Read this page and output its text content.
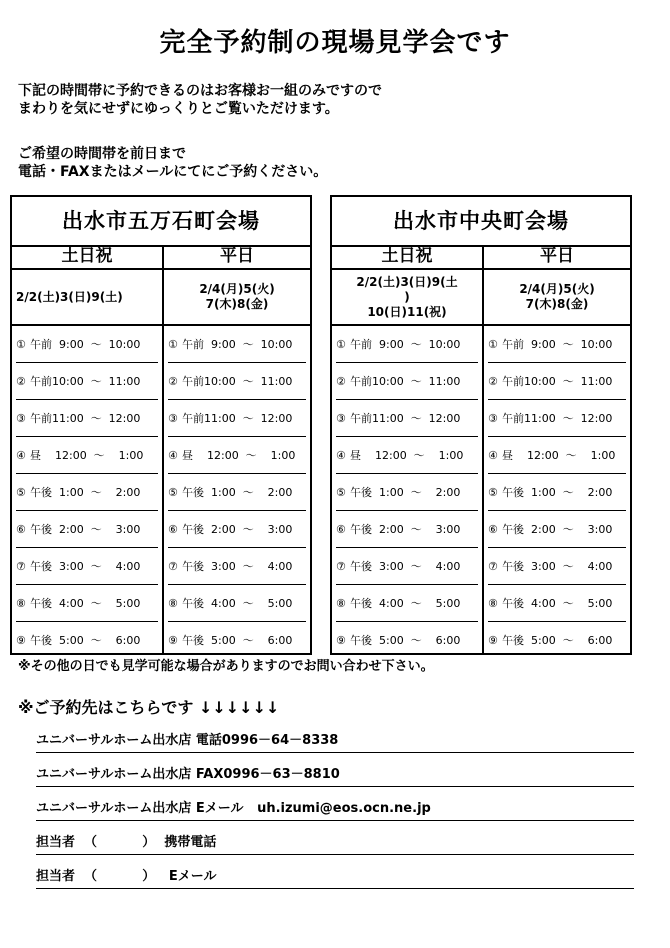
完全予約制の現場見学会です
下記の時間帯に予約できるのはお客様お一組のみですので
まわりを気にせずにゆっくりとご覧いただけます。
ご希望の時間帯を前日まで
電話・FAXまたはメールにてにご予約ください。
出水市五万石町会場
土日祝
2/2(土)3(日)9(土)
① 午前  9:00  ～  10:00
② 午前10:00  ～  11:00
③ 午前11:00  ～  12:00
④ 昼    12:00  ～    1:00
⑤ 午後  1:00  ～    2:00
⑥ 午後  2:00  ～    3:00
⑦ 午後  3:00  ～    4:00
⑧ 午後  4:00  ～    5:00
⑨ 午後  5:00  ～    6:00
平日
2/4(月)5(火)
7(木)8(金)
① 午前  9:00  ～  10:00
② 午前10:00  ～  11:00
③ 午前11:00  ～  12:00
④ 昼    12:00  ～    1:00
⑤ 午後  1:00  ～    2:00
⑥ 午後  2:00  ～    3:00
⑦ 午後  3:00  ～    4:00
⑧ 午後  4:00  ～    5:00
⑨ 午後  5:00  ～    6:00
出水市中央町会場
土日祝
2/2(土)3(日)9(土
)
10(日)11(祝)
① 午前  9:00  ～  10:00
② 午前10:00  ～  11:00
③ 午前11:00  ～  12:00
④ 昼    12:00  ～    1:00
⑤ 午後  1:00  ～    2:00
⑥ 午後  2:00  ～    3:00
⑦ 午後  3:00  ～    4:00
⑧ 午後  4:00  ～    5:00
⑨ 午後  5:00  ～    6:00
平日
2/4(月)5(火)
7(木)8(金)
① 午前  9:00  ～  10:00
② 午前10:00  ～  11:00
③ 午前11:00  ～  12:00
④ 昼    12:00  ～    1:00
⑤ 午後  1:00  ～    2:00
⑥ 午後  2:00  ～    3:00
⑦ 午後  3:00  ～    4:00
⑧ 午後  4:00  ～    5:00
⑨ 午後  5:00  ～    6:00
※その他の日でも見学可能な場合がありますのでお問い合わせ下さい。
※ご予約先はこちらです ↓↓↓↓↓↓
ユニバーサルホーム出水店 電話0996－64－8338
ユニバーサルホーム出水店 FAX0996－63－8810
ユニバーサルホーム出水店 Eメール   uh.izumi@eos.ocn.ne.jp
担当者  （          ）  携帯電話
担当者  （          ）   Eメール
